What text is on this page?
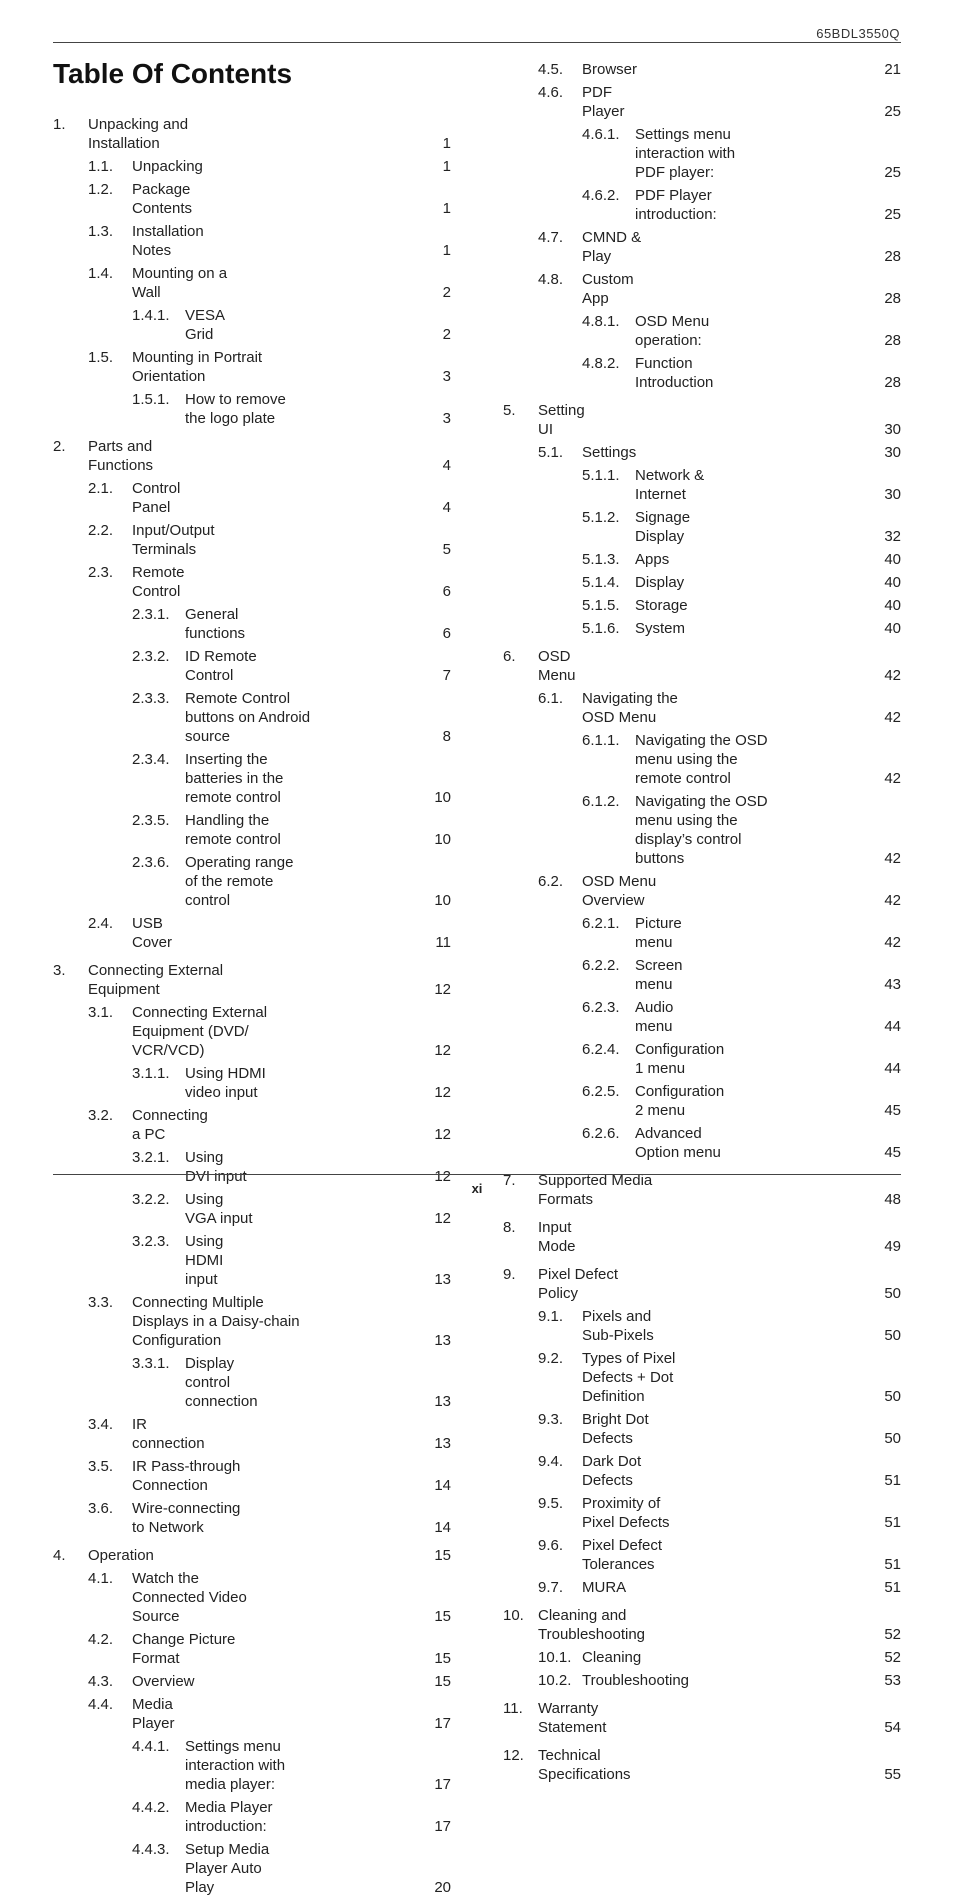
65BDL3550Q
Table Of Contents
1.	Unpacking and Installation . . .	1
1.1.	Unpacking . . .	1
1.2.	Package Contents . . .	1
1.3.	Installation Notes . . .	1
1.4.	Mounting on a Wall . . .	2
1.4.1.	VESA Grid . . .	2
1.5.	Mounting in Portrait Orientation . . .	3
1.5.1.	How to remove the logo plate . . .	3
2.	Parts and Functions . . .	4
2.1.	Control Panel . . .	4
2.2.	Input/Output Terminals . . .	5
2.3.	Remote Control . . .	6
2.3.1.	General functions . . .	6
2.3.2.	ID Remote Control . . .	7
2.3.3.	Remote Control buttons on Android source . . .	8
2.3.4.	Inserting the batteries in the remote control . . .	10
2.3.5.	Handling the remote control . . .	10
2.3.6.	Operating range of the remote control . . .	10
2.4.	USB Cover . . .	11
3.	Connecting External Equipment . . .	12
3.1.	Connecting External Equipment (DVD/ VCR/VCD) . . .	12
3.1.1.	Using HDMI video input . . .	12
3.2.	Connecting a PC . . .	12
3.2.1.	Using DVI input . . .	12
3.2.2.	Using VGA input . . .	12
3.2.3.	Using HDMI input . . .	13
3.3.	Connecting Multiple Displays in a Daisy-chain Configuration . . .	13
3.3.1.	Display control connection . . .	13
3.4.	IR connection . . .	13
3.5.	IR Pass-through Connection . . .	14
3.6.	Wire-connecting to Network . . .	14
4.	Operation . . .	15
4.1.	Watch the Connected Video Source . . .	15
4.2.	Change Picture Format . . .	15
4.3.	Overview . . .	15
4.4.	Media Player . . .	17
4.4.1.	Settings menu interaction with media player: . . .	17
4.4.2.	Media Player introduction: . . .	17
4.4.3.	Setup Media Player Auto Play . . .	20
4.5.	Browser . . .	21
4.6.	PDF Player . . .	25
4.6.1.	Settings menu interaction with PDF player: . . .	25
4.6.2.	PDF Player introduction: . . .	25
4.7.	CMND & Play . . .	28
4.8.	Custom App . . .	28
4.8.1.	OSD Menu operation: . . .	28
4.8.2.	Function Introduction . . .	28
5.	Setting UI . . .	30
5.1.	Settings . . .	30
5.1.1.	Network & Internet . . .	30
5.1.2.	Signage Display . . .	32
5.1.3.	Apps . . .	40
5.1.4.	Display . . .	40
5.1.5.	Storage . . .	40
5.1.6.	System . . .	40
6.	OSD Menu . . .	42
6.1.	Navigating the OSD Menu . . .	42
6.1.1.	Navigating the OSD menu using the remote control . . .	42
6.1.2.	Navigating the OSD menu using the display’s control buttons . . .	42
6.2.	OSD Menu Overview . . .	42
6.2.1.	Picture menu . . .	42
6.2.2.	Screen menu . . .	43
6.2.3.	Audio menu . . .	44
6.2.4.	Configuration 1 menu . . .	44
6.2.5.	Configuration 2 menu . . .	45
6.2.6.	Advanced Option menu . . .	45
7.	Supported Media Formats . . .	48
8.	Input Mode . . .	49
9.	Pixel Defect Policy . . .	50
9.1.	Pixels and Sub-Pixels . . .	50
9.2.	Types of Pixel Defects + Dot Definition . . .	50
9.3.	Bright Dot Defects . . .	50
9.4.	Dark Dot Defects . . .	51
9.5.	Proximity of Pixel Defects . . .	51
9.6.	Pixel Defect Tolerances . . .	51
9.7.	MURA . . .	51
10. Cleaning and Troubleshooting . . .	52
10.1. Cleaning . . .	52
10.2. Troubleshooting . . .	53
11.	Warranty Statement . . .	54
12. Technical Specifications . . .	55
xi
